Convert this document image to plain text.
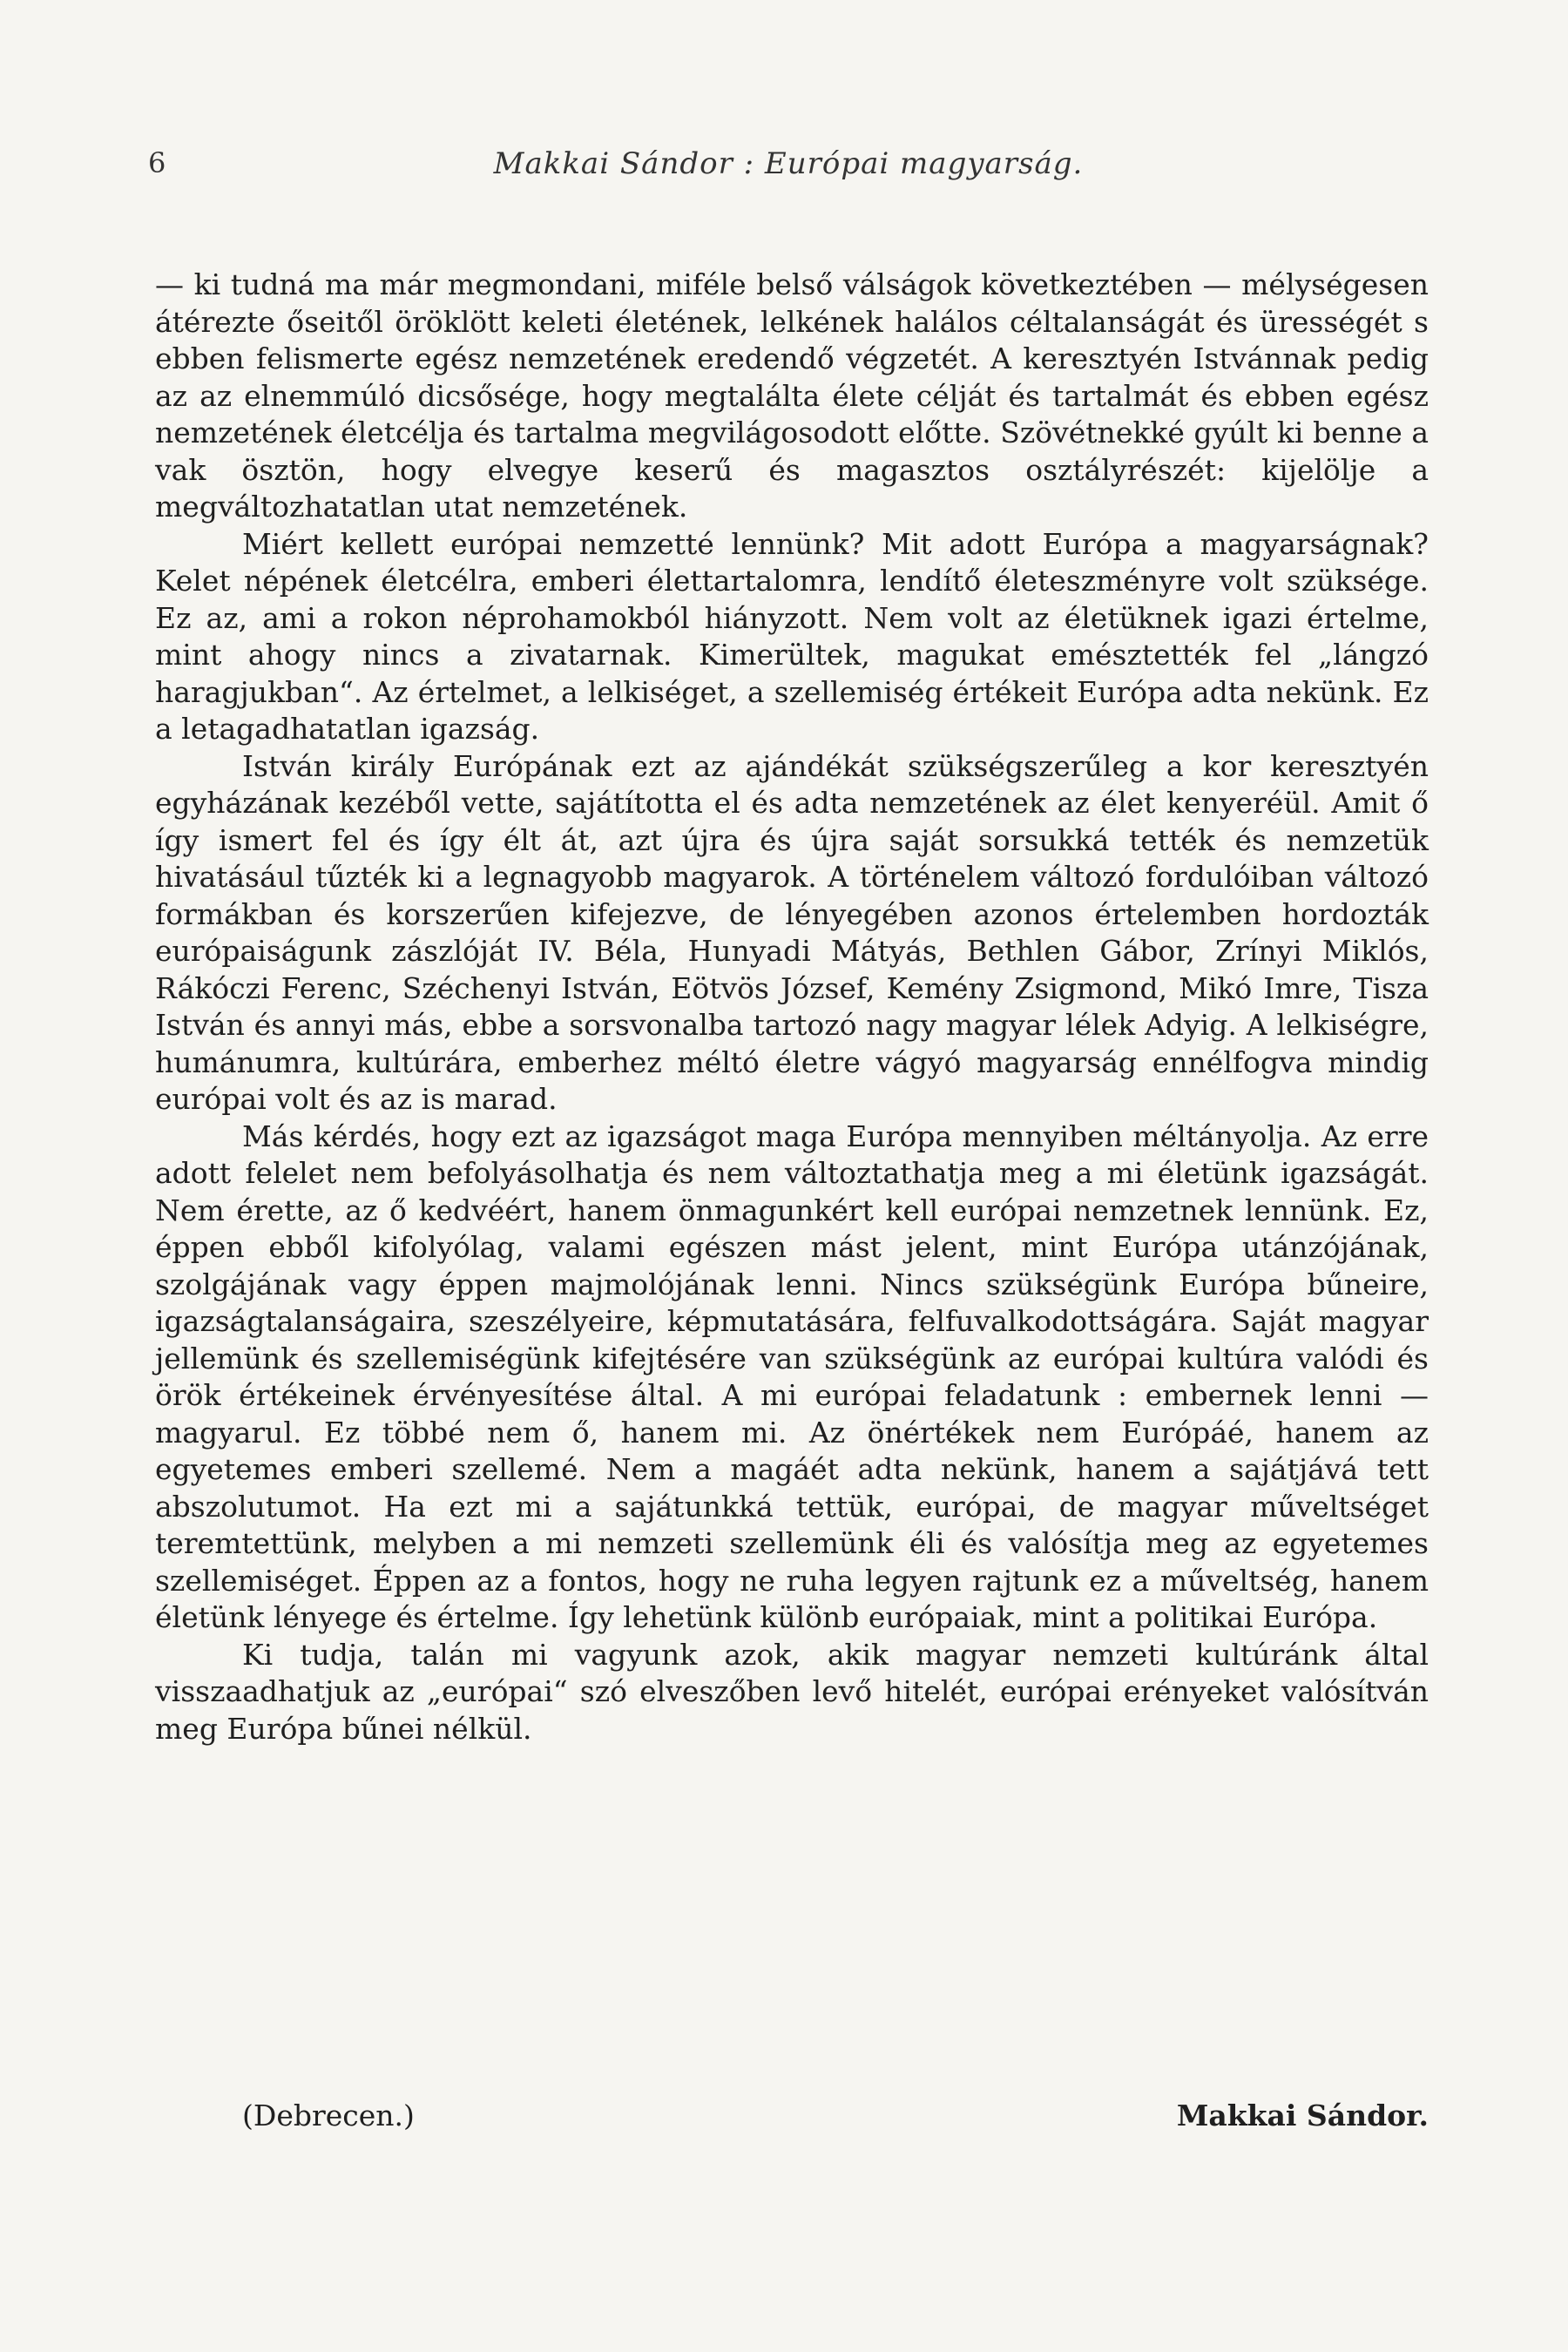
6	Makkai Sándor : Európai magyarság.

— ki tudná ma már megmondani, miféle belső válságok következtében — mélységesen átérezte őseitől öröklött keleti életének, lelkének halálos céltalanságát és ürességét s ebben felismerte egész nemzetének eredendő végzetét. A keresztyén Istvánnak pedig az az elnemmúló dicsősége, hogy megtalálta élete célját és tartalmát és ebben egész nemzetének életcélja és tartalma megvilágosodott előtte. Szövétnekké gyúlt ki benne a vak ösztön, hogy elvegye keserű és magasztos osztályrészét: kijelölje a megváltozhatatlan utat nemzetének.

Miért kellett európai nemzetté lennünk? Mit adott Európa a magyarságnak? Kelet népének életcélra, emberi élettartalomra, lendítő életeszményre volt szüksége. Ez az, ami a rokon néprohamokból hiányzott. Nem volt az életüknek igazi értelme, mint ahogy nincs a zivatarnak. Kimerültek, magukat emésztették fel „lángzó haragjukban“. Az értelmet, a lelkiséget, a szellemiség értékeit Európa adta nekünk. Ez a letagadhatatlan igazság.

István király Európának ezt az ajándékát szükségszerűleg a kor keresztyén egyházának kezéből vette, sajátította el és adta nemzetének az élet kenyeréül. Amit ő így ismert fel és így élt át, azt újra és újra saját sorsukká tették és nemzetük hivatásául tűzték ki a legnagyobb magyarok. A történelem változó fordulóiban változó formákban és korszerűen kifejezve, de lényegében azonos értelemben hordozták európaiságunk zászlóját IV. Béla, Hunyadi Mátyás, Bethlen Gábor, Zrínyi Miklós, Rákóczi Ferenc, Széchenyi István, Eötvös József, Kemény Zsigmond, Mikó Imre, Tisza István és annyi más, ebbe a sorsvonalba tartozó nagy magyar lélek Adyig. A lelkiségre, humánumra, kultúrára, emberhez méltó életre vágyó magyarság ennélfogva mindig európai volt és az is marad.

Más kérdés, hogy ezt az igazságot maga Európa mennyiben méltányolja. Az erre adott felelet nem befolyásolhatja és nem változtathatja meg a mi életünk igazságát. Nem érette, az ő kedvéért, hanem önmagunkért kell európai nemzetnek lennünk. Ez, éppen ebből kifolyólag, valami egészen mást jelent, mint Európa utánzójának, szolgájának vagy éppen majmolójának lenni. Nincs szükségünk Európa bűneire, igazságtalanságaira, szeszélyeire, képmutatására, felfuvalkodottságára. Saját magyar jellemünk és szellemiségünk kifejtésére van szükségünk az európai kultúra valódi és örök értékeinek érvényesítése által. A mi európai feladatunk : embernek lenni — magyarul. Ez többé nem ő, hanem mi. Az önértékek nem Európáé, hanem az egyetemes emberi szellemé. Nem a magáét adta nekünk, hanem a sajátjává tett abszolutumot. Ha ezt mi a sajátunkká tettük, európai, de magyar műveltséget teremtettünk, melyben a mi nemzeti szellemünk éli és valósítja meg az egyetemes szellemiséget. Éppen az a fontos, hogy ne ruha legyen rajtunk ez a műveltség, hanem életünk lényege és értelme. Így lehetünk különb európaiak, mint a politikai Európa.

Ki tudja, talán mi vagyunk azok, akik magyar nemzeti kultúránk által visszaadhatjuk az „európai“ szó elveszőben levő hitelét, európai erényeket valósítván meg Európa bűnei nélkül.

(Debrecen.)	Makkai Sándor.
